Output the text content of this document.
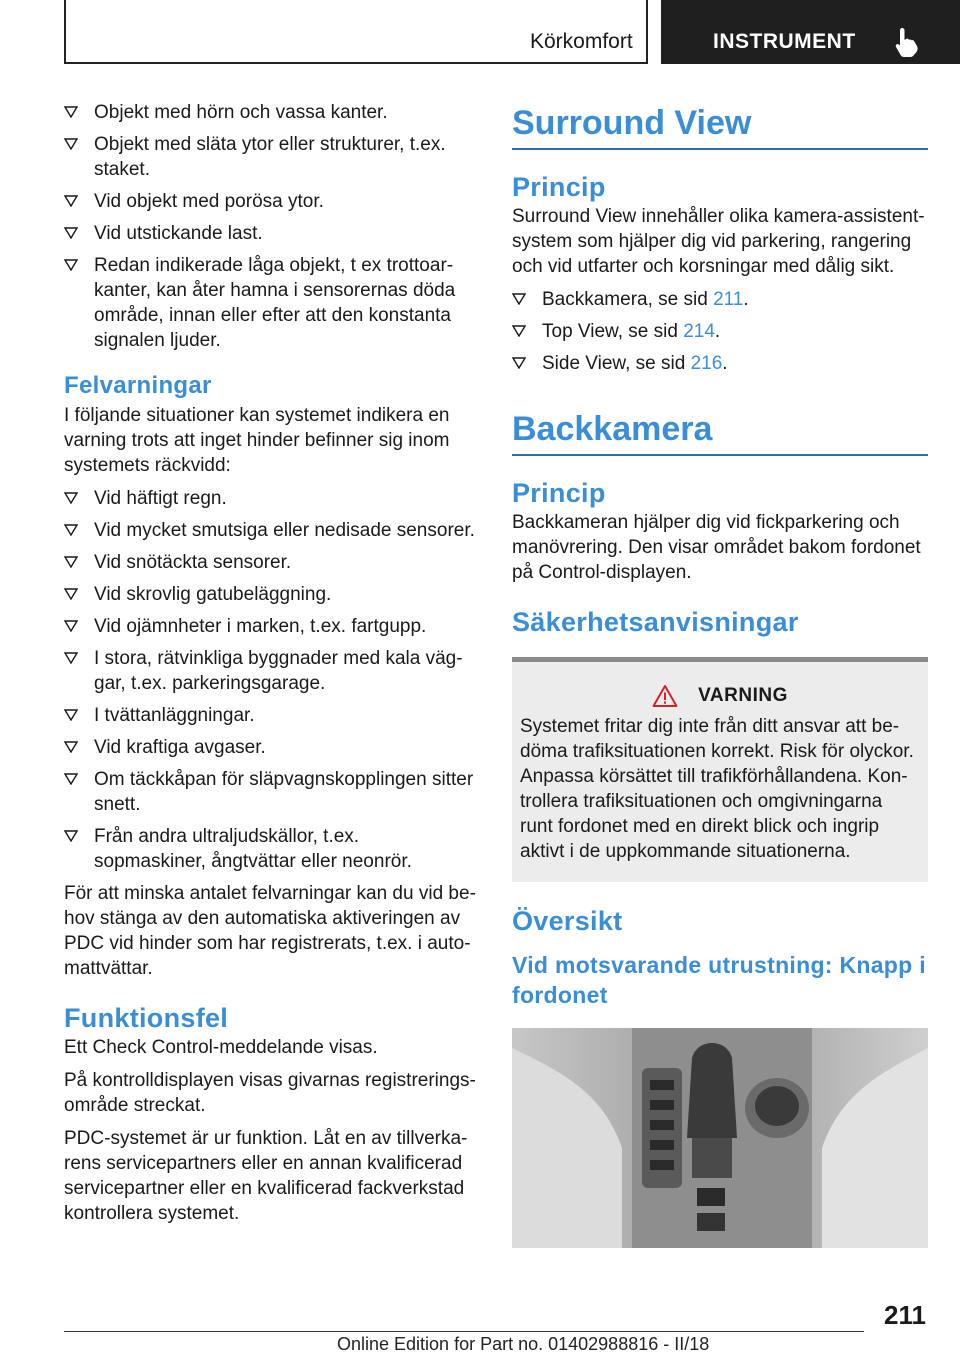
Körkomfort	INSTRUMENT
Objekt med hörn och vassa kanter.
Objekt med släta ytor eller strukturer, t.ex. staket.
Vid objekt med porösa ytor.
Vid utstickande last.
Redan indikerade låga objekt, t ex trottoarkanter, kan åter hamna i sensorernas döda område, innan eller efter att den konstanta signalen ljuder.
Felvarningar

I följande situationer kan systemet indikera en varning trots att inget hinder befinner sig inom systemets räckvidd:

Vid häftigt regn.
Vid mycket smutsiga eller nedisade sensorer.
Vid snötäckta sensorer.
Vid skrovlig gatubeläggning.
Vid ojämnheter i marken, t.ex. fartgupp.
I stora, rätvinkliga byggnader med kala väggar, t.ex. parkeringsgarage.
I tvättanläggningar.
Vid kraftiga avgaser.
Om täckkåpan för släpvagnskopplingen sitter snett.
Från andra ultraljudskällor, t.ex. sopmaskiner, ångtvättar eller neonrör.

För att minska antalet felvarningar kan du vid behov stänga av den automatiska aktiveringen av PDC vid hinder som har registrerats, t.ex. i automattvättar.

Funktionsfel

Ett Check Control-meddelande visas.

På kontrolldisplayen visas givarnas registreringsområde streckat.

PDC-systemet är ur funktion. Låt en av tillverkarens servicepartners eller en annan kvalificerad servicepartner eller en kvalificerad fackverkstad kontrollera systemet.

Surround View
Princip

Surround View innehåller olika kamera-assistentsystem som hjälper dig vid parkering, rangering och vid utfarter och korsningar med dålig sikt.

Backkamera, se sid 211.
Top View, se sid 214.
Side View, se sid 216.
Backkamera
Princip

Backkameran hjälper dig vid fickparkering och manövrering. Den visar området bakom fordonet på Control-displayen.

Säkerhetsanvisningar
VARNING
Systemet fritar dig inte från ditt ansvar att bedöma trafiksituationen korrekt. Risk för olyckor. Anpassa körsättet till trafikförhållandena. Kontrollera trafiksituationen och omgivningarna runt fordonet med en direkt blick och ingrip aktivt i de uppkommande situationerna.
Översikt
Vid motsvarande utrustning: Knapp i fordonet
211
Online Edition for Part no. 01402988816 - II/18
